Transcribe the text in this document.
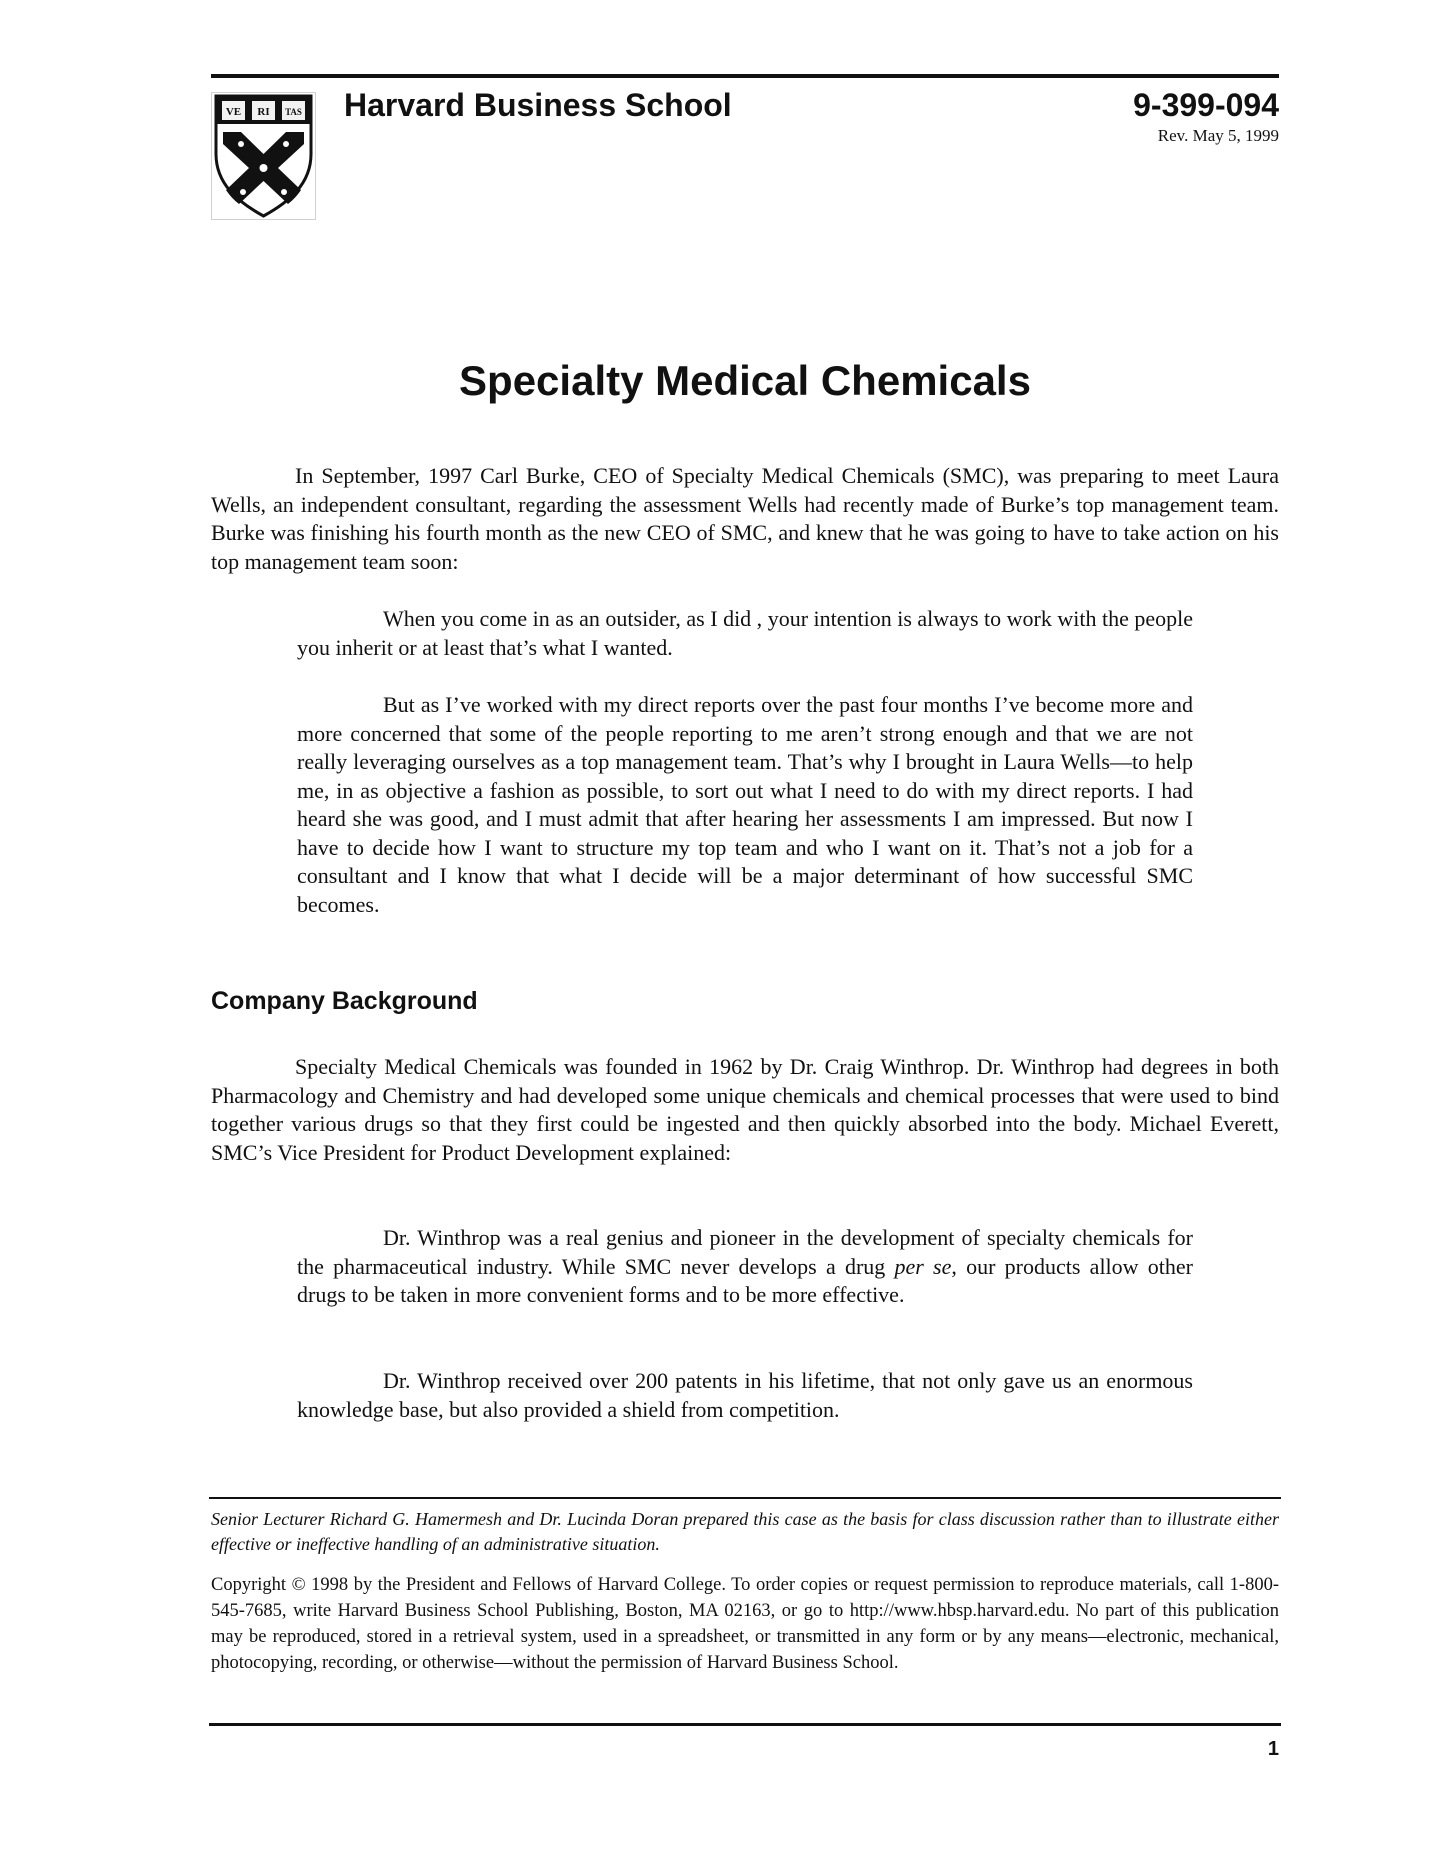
VE RI TAS Harvard Business School	9-399-094
Rev. May 5, 1999
Specialty Medical Chemicals

In September, 1997 Carl Burke, CEO of Specialty Medical Chemicals (SMC), was preparing to meet Laura Wells, an independent consultant, regarding the assessment Wells had recently made of Burke’s top management team. Burke was finishing his fourth month as the new CEO of SMC, and knew that he was going to have to take action on his top management team soon:

When you come in as an outsider, as I did , your intention is always to work with the people you inherit or at least that’s what I wanted.

But as I’ve worked with my direct reports over the past four months I’ve become more and more concerned that some of the people reporting to me aren’t strong enough and that we are not really leveraging ourselves as a top management team. That’s why I brought in Laura Wells—to help me, in as objective a fashion as possible, to sort out what I need to do with my direct reports. I had heard she was good, and I must admit that after hearing her assessments I am impressed. But now I have to decide how I want to structure my top team and who I want on it. That’s not a job for a consultant and I know that what I decide will be a major determinant of how successful SMC becomes.

Company Background

Specialty Medical Chemicals was founded in 1962 by Dr. Craig Winthrop. Dr. Winthrop had degrees in both Pharmacology and Chemistry and had developed some unique chemicals and chemical processes that were used to bind together various drugs so that they first could be ingested and then quickly absorbed into the body. Michael Everett, SMC’s Vice President for Product Development explained:

Dr. Winthrop was a real genius and pioneer in the development of specialty chemicals for the pharmaceutical industry. While SMC never develops a drug per se, our products allow other drugs to be taken in more convenient forms and to be more effective.

Dr. Winthrop received over 200 patents in his lifetime, that not only gave us an enormous knowledge base, but also provided a shield from competition.

Senior Lecturer Richard G. Hamermesh and Dr. Lucinda Doran prepared this case as the basis for class discussion rather than to illustrate either effective or ineffective handling of an administrative situation.

Copyright © 1998 by the President and Fellows of Harvard College. To order copies or request permission to reproduce materials, call 1-800-545-7685, write Harvard Business School Publishing, Boston, MA 02163, or go to http://www.hbsp.harvard.edu. No part of this publication may be reproduced, stored in a retrieval system, used in a spreadsheet, or transmitted in any form or by any means—electronic, mechanical, photocopying, recording, or otherwise—without the permission of Harvard Business School.

1
